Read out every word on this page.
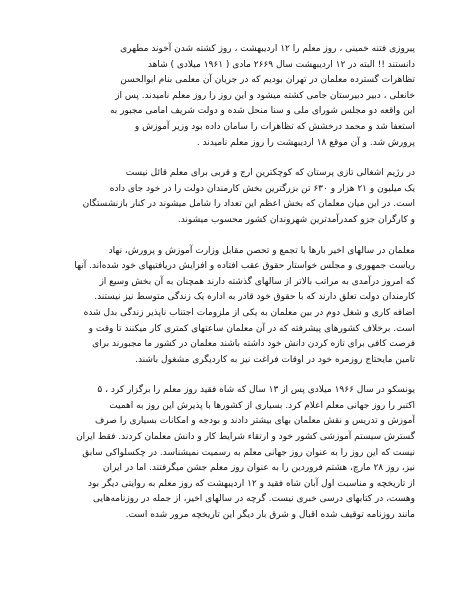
پیروزی فتنه خمینی ، روز معلم را ۱۲ اردیبهشت ، روز کشته شدن آخوند مطهری
دانستند !! البته در ۱۲ اردیبهشت سال ۲۶۶۹ مادی ( ۱۹۶۱ میلادی ) شاهد
تظاهرات گسترده معلمان در تهران بودیم که در جریان آن معلمی بنام ابوالحسن
خانعلی ، دبیر دبیرستان جامی کشته میشود و این روز را روز معلم نامیدند. پس از
این واقعه دو مجلس شورای ملی و سنا منحل شده و دولت شریف امامی مجبور به
استعفا شد و محمد درخشش که تظاهرات را سامان داده بود وزیر آموزش و
پرورش شد. و آن موقع ۱۸ اردیبهشت را روز معلم نامیدند .
در رژیم اشغالی تازی پرستان که کوچکترین ارج و قربی برای معلم قائل نیست
یک میلیون و ۲۱ هزار و ۶۳۰ تن بزرگترین بخش کارمندان دولت را در خود جای داده
است. در این میان معلمان که بخش اعظم این تعداد را شامل میشوند در کنار بازنشستگان
و کارگران جزو کمدرآمدترین شهروندان کشور محسوب میشوند.
معلمان در سالهای اخیر بارها با تجمع و تحصن مقابل وزارت آموزش و پرورش، نهاد
ریاست جمهوری و مجلس خواستار حقوق عقب افتاده و افزایش دریافتیهای خود شده‌اند. آنها
که امروز درآمدی به مراتب بالاتر از سالهای گذشته دارند همچنان به آن بخش وسیع از
کارمندان دولت تعلق دارند که با حقوق خود قادر به اداره یک زندگی متوسط نیز نیستند.
اضافه کاری و شغل دوم در بین معلمان به یکی از ملزومات اجتناب ناپذیر زندگی بدل شده
است. برخلاف کشورهای پیشرفته که در آن معلمان ساعتهای کمتری کار میکنند تا وقت و
فرصت کافی برای تازه کردن دانش خود داشته باشند معلمان در کشور ما مجبورند برای
تامین مایحتاج روزمره خود در اوقات فراغت نیز به کاردیگری مشغول باشند.
یونسکو در سال ۱۹۶۶ میلادی پس از ۱۳ سال که شاه فقید روز معلم را برگزار کرد ، ۵
اکتبر را روز جهانی معلم اعلام کرد. بسیاری از کشورها با پذیرش این روز به اهمیت
آموزش و تدریس و نقش معلمان بهای بیشتر دادند و بودجه و امکانات بسیاری را صرف
گسترش سیستم آموزشی کشور خود و ارتقاء شرایط کار و دانش معلمان کردند. فقط ایران
نیست که این روز را به عنوان روز جهانی معلم به رسمیت نمیشناسد. در چکسلواکی سابق
نیز، روز ۲۸ مارچ، هشتم فروردین را به عنوان روز معلم جشن میگرفتند. اما در ایران
از تاریخچه و مناسبت اول آبان شاه فقید و ۱۲ اردیبهشت که روز معلم به روایتی دیگر بود
وهست، در کتابهای درسی خبری نیست. گرچه در سالهای اخیر، از جمله در روزنامه‌هایی
مانند روزنامه توقیف شده اقبال و شرق بار دیگر این تاریخچه مرور شده است.
